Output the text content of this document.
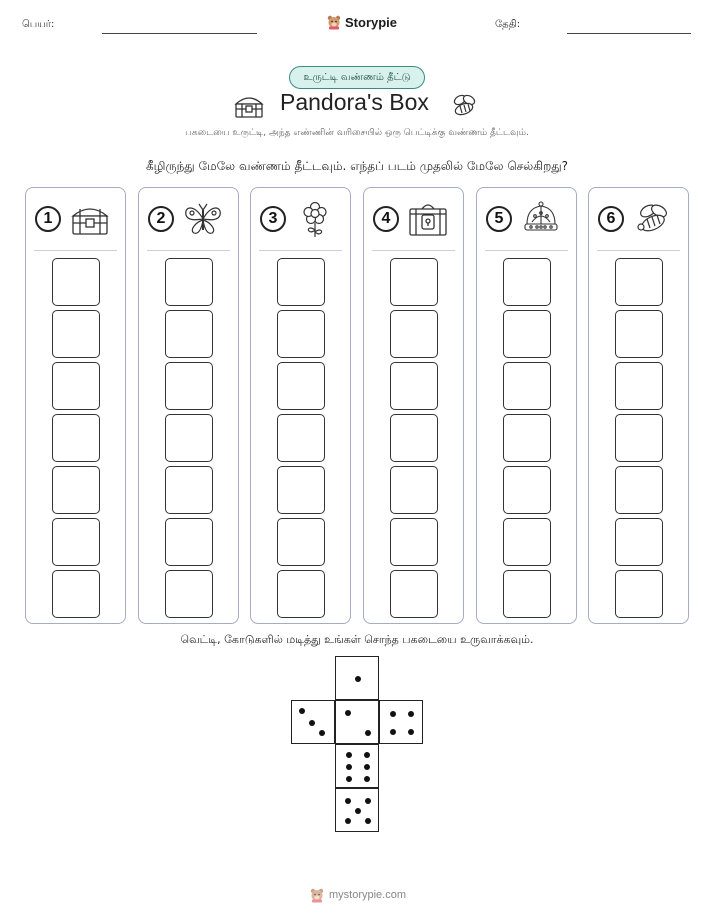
பெயர்:	Storypie	தேதி:
உருட்டி வண்ணம் தீட்டு
Pandora's Box
பகடையை உருட்டி, அந்த எண்ணின் வரிசையில் ஒரு பெட்டிக்கு வண்ணம் தீட்டவும்.
கீழிருந்து மேலே வண்ணம் தீட்டவும். எந்தப் படம் முதலில் மேலே செல்கிறது?
1	2	3	4	5	6
வெட்டி, கோடுகளில் மடித்து உங்கள் சொந்த பகடையை உருவாக்கவும்.
mystorypie.com
